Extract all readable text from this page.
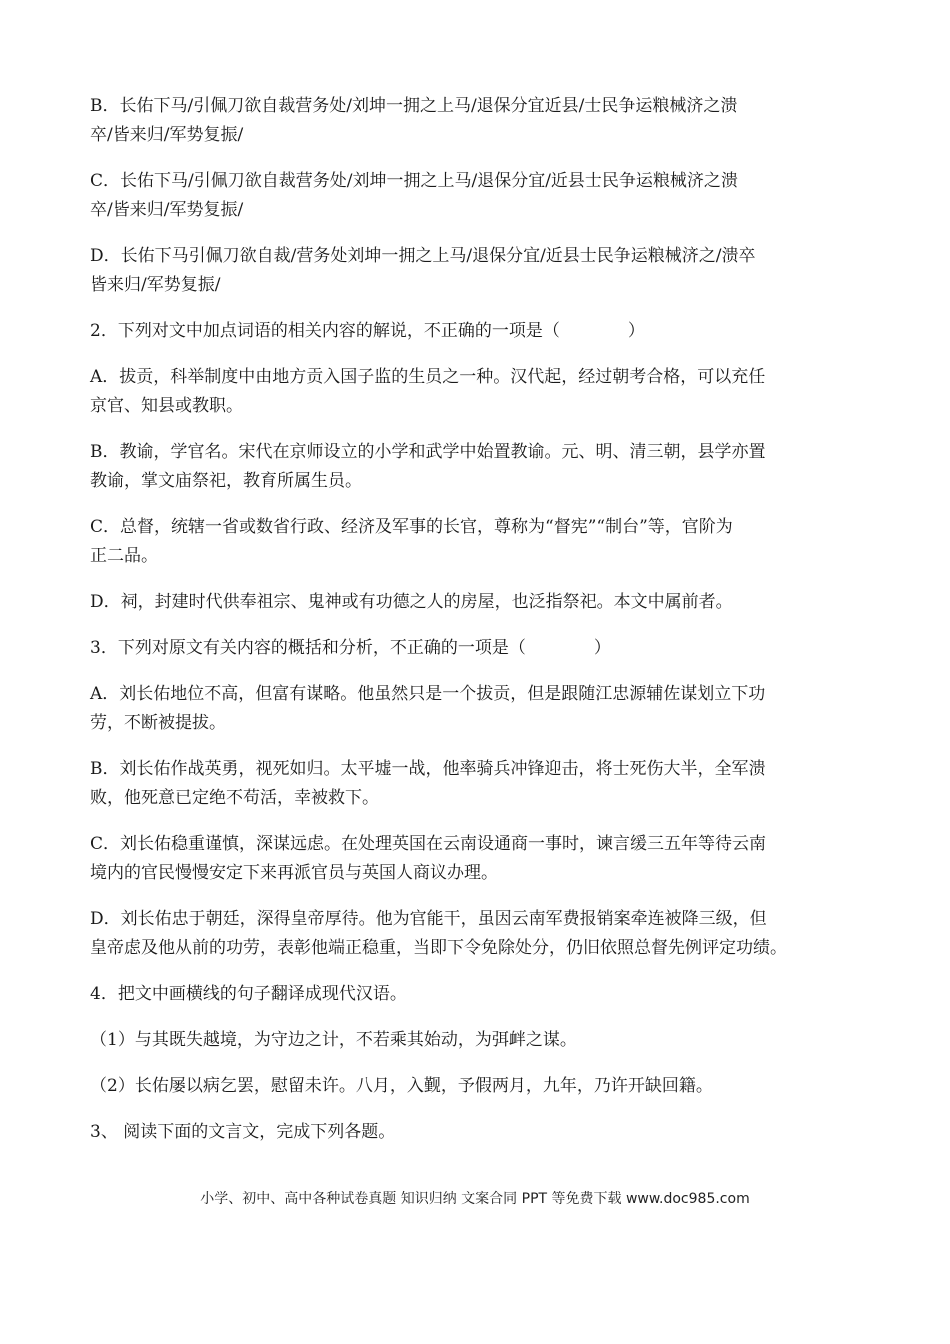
B．长佑下马/引佩刀欲自裁营务处/刘坤一拥之上马/退保分宜近县/士民争运粮械济之溃
卒/皆来归/军势复振/

C．长佑下马/引佩刀欲自裁营务处/刘坤一拥之上马/退保分宜/近县士民争运粮械济之溃
卒/皆来归/军势复振/

D．长佑下马引佩刀欲自裁/营务处刘坤一拥之上马/退保分宜/近县士民争运粮械济之/溃卒
皆来归/军势复振/

2．下列对文中加点词语的相关内容的解说，不正确的一项是（　　　　）

A．拔贡，科举制度中由地方贡入国子监的生员之一种。汉代起，经过朝考合格，可以充任
京官、知县或教职。

B．教谕，学官名。宋代在京师设立的小学和武学中始置教谕。元、明、清三朝，县学亦置
教谕，掌文庙祭祀，教育所属生员。

C．总督，统辖一省或数省行政、经济及军事的长官，尊称为“督宪”“制台”等，官阶为
正二品。

D．祠，封建时代供奉祖宗、鬼神或有功德之人的房屋，也泛指祭祀。本文中属前者。

3．下列对原文有关内容的概括和分析，不正确的一项是（　　　　）

A．刘长佑地位不高，但富有谋略。他虽然只是一个拔贡，但是跟随江忠源辅佐谋划立下功
劳，不断被提拔。

B．刘长佑作战英勇，视死如归。太平墟一战，他率骑兵冲锋迎击，将士死伤大半，全军溃
败，他死意已定绝不苟活，幸被救下。

C．刘长佑稳重谨慎，深谋远虑。在处理英国在云南设通商一事时，谏言缓三五年等待云南
境内的官民慢慢安定下来再派官员与英国人商议办理。

D．刘长佑忠于朝廷，深得皇帝厚待。他为官能干，虽因云南军费报销案牵连被降三级，但
皇帝虑及他从前的功劳，表彰他端正稳重，当即下令免除处分，仍旧依照总督先例评定功绩。

4．把文中画横线的句子翻译成现代汉语。

（1）与其既失越境，为守边之计，不若乘其始动，为弭衅之谋。

（2）长佑屡以病乞罢，慰留未许。八月，入觐，予假两月，九年，乃许开缺回籍。

3、 阅读下面的文言文，完成下列各题。

小学、初中、高中各种试卷真题 知识归纳 文案合同 PPT 等免费下载 www.doc985.com
